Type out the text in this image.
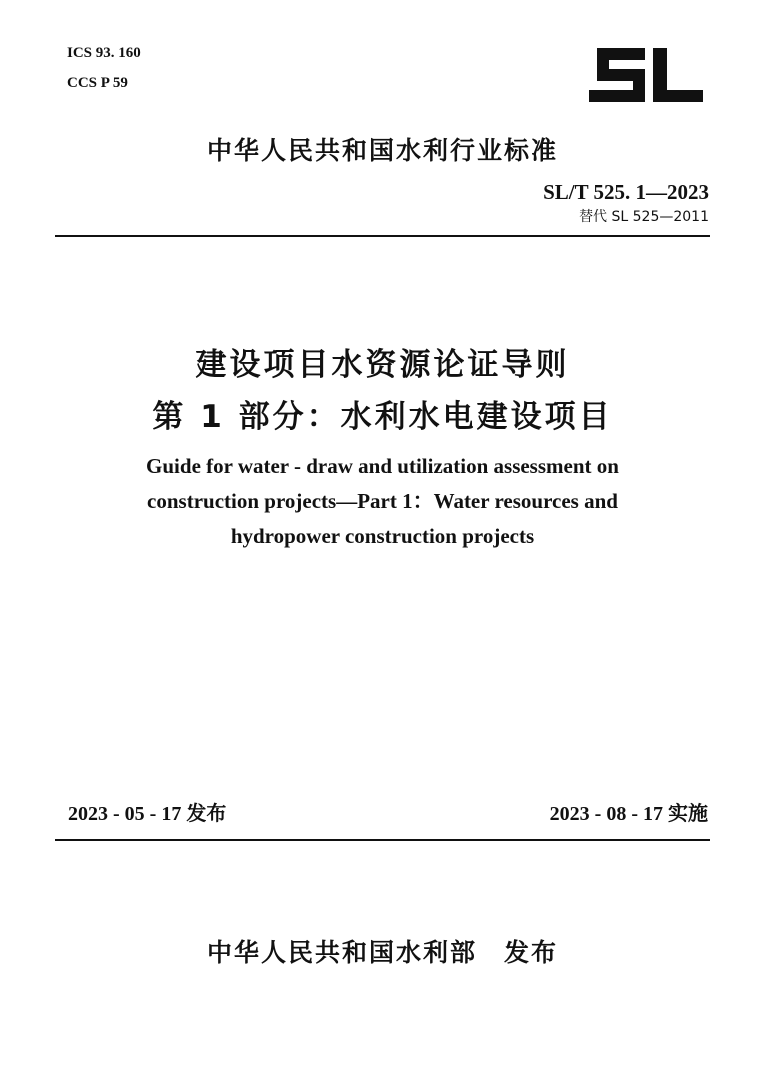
ICS 93. 160
CCS P 59
中华人民共和国水利行业标准
SL/T 525. 1—2023
替代 SL 525—2011
建设项目水资源论证导则
第 1 部分：水利水电建设项目
Guide for water - draw and utilization assessment on
construction projects—Part 1：Water resources and
hydropower construction projects
2023 - 05 - 17 发布	2023 - 08 - 17 实施
中华人民共和国水利部　发布
